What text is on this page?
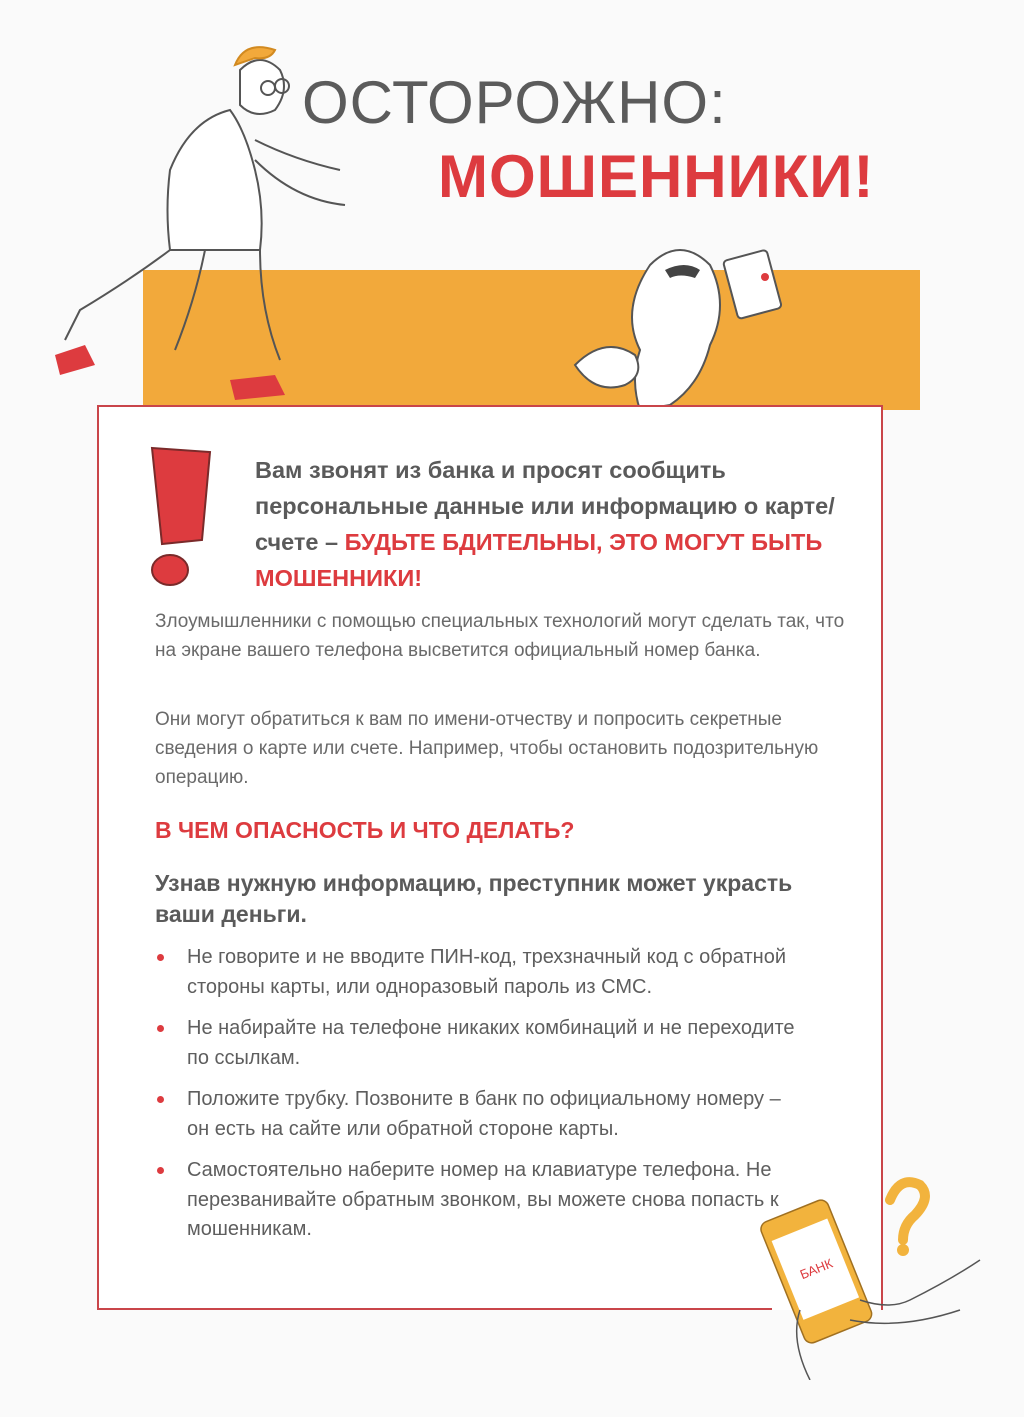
ОСТОРОЖНО:
МОШЕННИКИ!
Вам звонят из банка и просят сообщить персональные данные или информацию о карте/счете – БУДЬТЕ БДИТЕЛЬНЫ, ЭТО МОГУТ БЫТЬ МОШЕННИКИ!
Злоумышленники с помощью специальных технологий могут сделать так, что на экране вашего телефона высветится официальный номер банка.
Они могут обратиться к вам по имени-отчеству и попросить секретные сведения о карте или счете. Например, чтобы остановить подозрительную операцию.
В ЧЕМ ОПАСНОСТЬ И ЧТО ДЕЛАТЬ?
Узнав нужную информацию, преступник может украсть ваши деньги.
Не говорите и не вводите ПИН-код, трехзначный код с обратной стороны карты, или одноразовый пароль из СМС.
Не набирайте на телефоне никаких комбинаций и не переходите по ссылкам.
Положите трубку. Позвоните в банк по официальному номеру – он есть на сайте или обратной стороне карты.
Самостоятельно наберите номер на клавиатуре телефона. Не перезванивайте обратным звонком, вы можете снова попасть к мошенникам.
БАНК
